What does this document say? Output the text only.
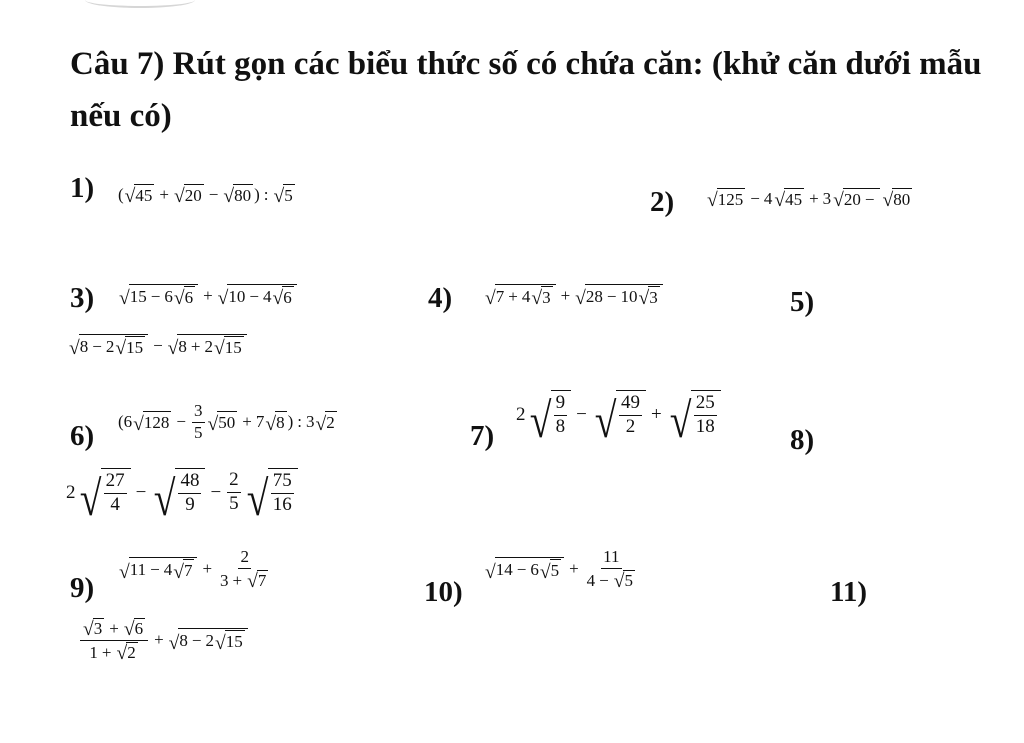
Câu 7) Rút gọn các biểu thức số có chứa căn: (khử căn dưới mẫu nếu có)
1) ( √ 45 + √ 20 − √ 80 ) : √ 5	2) √ 125 − 4 √ 45 + 3 √ 20 − √ 80
3) √ 15 − 6 √ 6 + √ 10 − 4 √ 6	4) √ 7 + 4 √ 3 + √ 28 − 10 √ 3	5)
√ 8 − 2 √ 15 − √ 8 + 2 √ 15
6) ( 6 √ $128 - \frac{3}{5}$ √ 50 + 7 √ 8 ) : 3 √ 2	7)
2 √ $\frac{9}{8}$ − √ $\frac{49}{2}$ + √ $\frac{25}{18}$
8)
2 √ $\frac{27}{4}$ − √ $\frac{48}{9} - \frac{2}{5}$ √ $\frac{75}{16}$
9) √ 11 − 4 √ $7 + \frac{2}{3 + √ 7}$
10)
√ 14 − 6 √ $5 + \frac{11}{4 - √ 5}$
11)
$\frac{√ 3 + √ 6}{1 + √ 2}$ + √ 8 − 2 √ 15
